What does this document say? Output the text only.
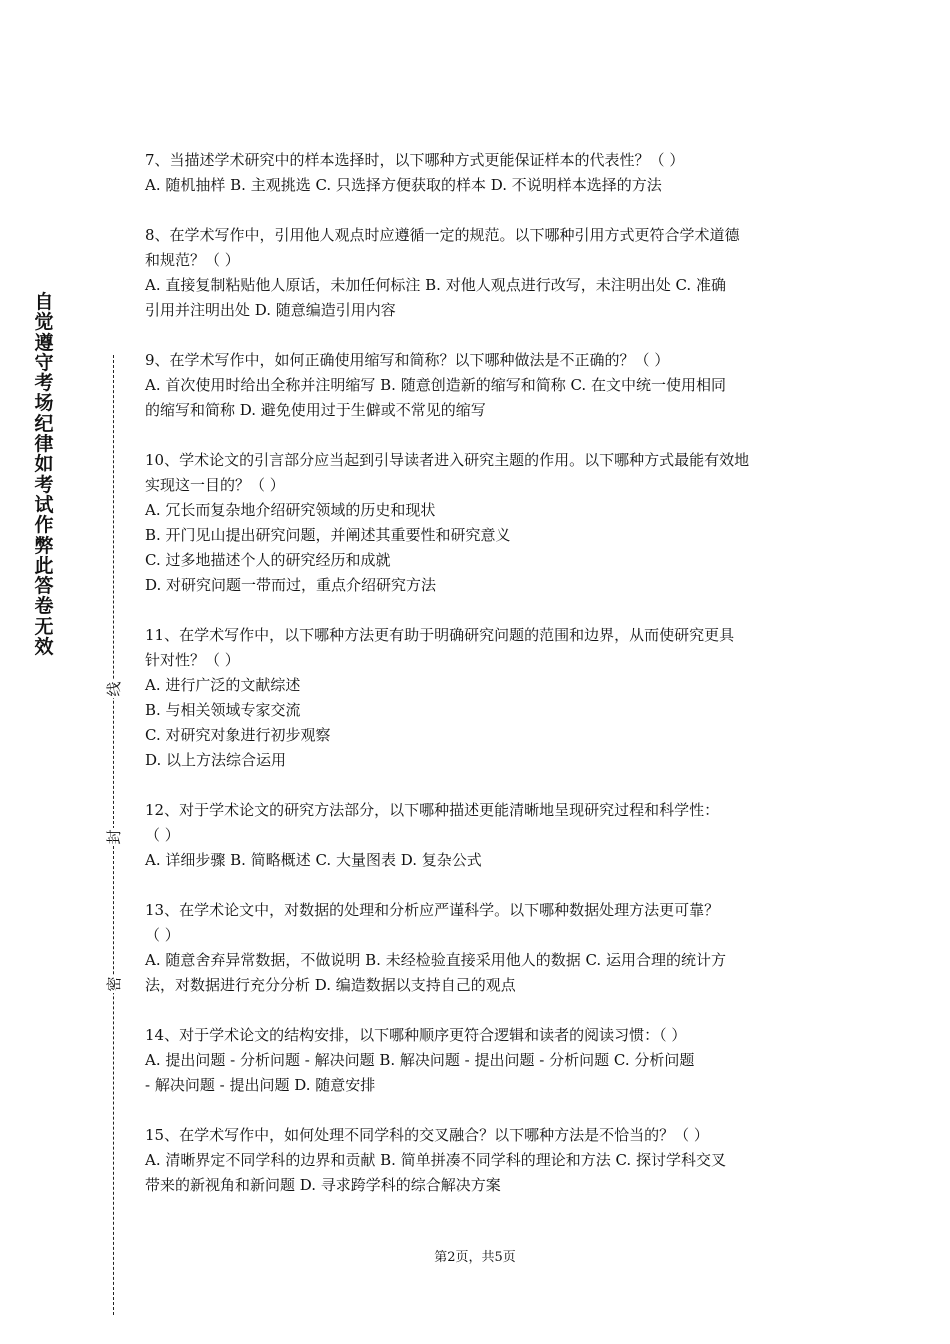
自觉遵守考场纪律如考试作弊此答卷无效
线
封
密
7、当描述学术研究中的样本选择时，以下哪种方式更能保证样本的代表性？（ ）
A. 随机抽样 B. 主观挑选 C. 只选择方便获取的样本 D. 不说明样本选择的方法
8、在学术写作中，引用他人观点时应遵循一定的规范。以下哪种引用方式更符合学术道德
和规范？（ ）
A. 直接复制粘贴他人原话，未加任何标注 B. 对他人观点进行改写，未注明出处 C. 准确
引用并注明出处 D. 随意编造引用内容
9、在学术写作中，如何正确使用缩写和简称？以下哪种做法是不正确的？（ ）
A. 首次使用时给出全称并注明缩写 B. 随意创造新的缩写和简称 C. 在文中统一使用相同
的缩写和简称 D. 避免使用过于生僻或不常见的缩写
10、学术论文的引言部分应当起到引导读者进入研究主题的作用。以下哪种方式最能有效地
实现这一目的？（ ）
A. 冗长而复杂地介绍研究领域的历史和现状
B. 开门见山提出研究问题，并阐述其重要性和研究意义
C. 过多地描述个人的研究经历和成就
D. 对研究问题一带而过，重点介绍研究方法
11、在学术写作中，以下哪种方法更有助于明确研究问题的范围和边界，从而使研究更具
针对性？（ ）
A. 进行广泛的文献综述
B. 与相关领域专家交流
C. 对研究对象进行初步观察
D. 以上方法综合运用
12、对于学术论文的研究方法部分，以下哪种描述更能清晰地呈现研究过程和科学性：
（ ）
A. 详细步骤 B. 简略概述 C. 大量图表 D. 复杂公式
13、在学术论文中，对数据的处理和分析应严谨科学。以下哪种数据处理方法更可靠？
（ ）
A. 随意舍弃异常数据，不做说明 B. 未经检验直接采用他人的数据 C. 运用合理的统计方
法，对数据进行充分分析 D. 编造数据以支持自己的观点
14、对于学术论文的结构安排，以下哪种顺序更符合逻辑和读者的阅读习惯：（ ）
A. 提出问题 - 分析问题 - 解决问题 B. 解决问题 - 提出问题 - 分析问题 C. 分析问题
- 解决问题 - 提出问题 D. 随意安排
15、在学术写作中，如何处理不同学科的交叉融合？以下哪种方法是不恰当的？（ ）
A. 清晰界定不同学科的边界和贡献 B. 简单拼凑不同学科的理论和方法 C. 探讨学科交叉
带来的新视角和新问题 D. 寻求跨学科的综合解决方案
第2页，共5页
